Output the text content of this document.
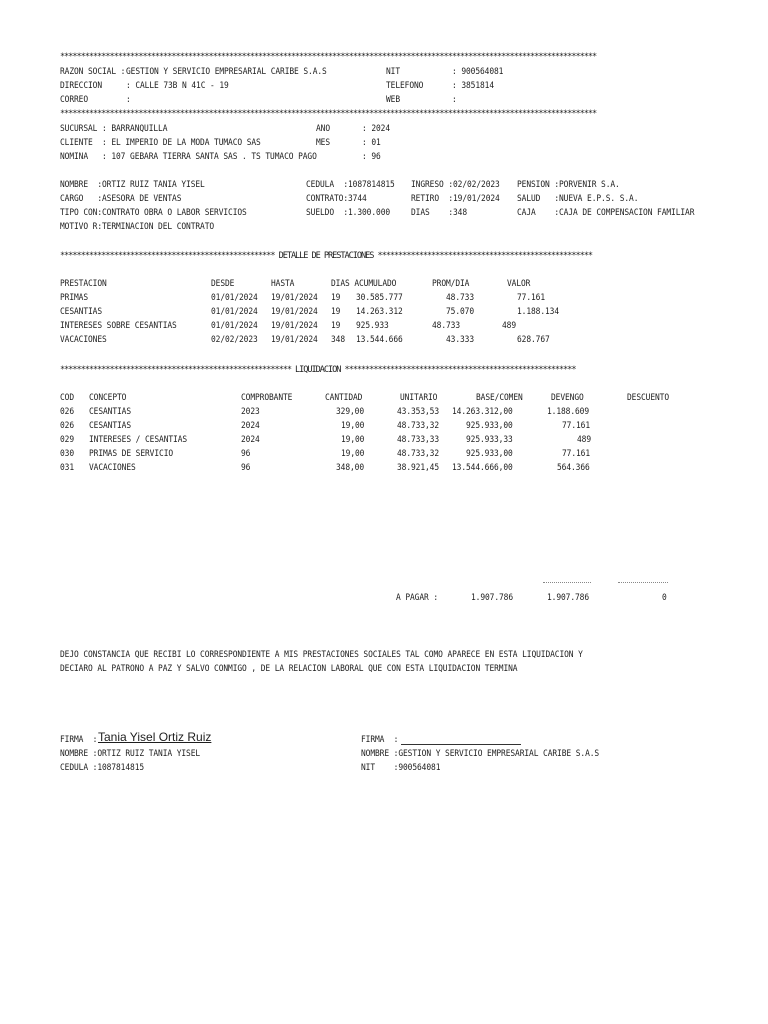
**********************************************************************************************************************************
RAZON SOCIAL : GESTION Y SERVICIO EMPRESARIAL CARIBE S.A.S	NIT	: 900564081
DIRECCION	: CALLE 73B N 41C - 19	TELEFONO	: 3851814
CORREO	:	WEB	:
**********************************************************************************************************************************
SUCURSAL : BARRANQUILLA	ANO	: 2024
CLIENTE  : EL IMPERIO DE LA MODA TUMACO SAS	MES	: 01
NOMINA   : 107 GEBARA TIERRA SANTA SAS . TS TUMACO PAGO	: 96
NOMBRE  :ORTIZ RUIZ TANIA YISEL	CEDULA  :1087814815 INGRESO :02/02/2023 PENSION :PORVENIR S.A.
CARGO   :ASESORA DE VENTAS	CONTRATO:3744	RETIRO  :19/01/2024 SALUD   :NUEVA E.P.S. S.A.
TIPO CON:CONTRATO OBRA O LABOR SERVICIOS	SUELDO  :1.300.000 DIAS    :348	CAJA    :CAJA DE COMPENSACION FAMILIAR
MOTIVO R:TERMINACION DEL CONTRATO
**************************************************** DETALLE DE PRESTACIONES ****************************************************
PRESTACION	DESDE	HASTA	DIAS ACUMULADO	PROM/DIA	VALOR
PRIMAS	01/01/2024 19/01/2024 19 30.585.777	48.733	77.161
CESANTIAS	01/01/2024 19/01/2024 19 14.263.312	75.070	1.188.134
INTERESES SOBRE CESANTIAS	01/01/2024 19/01/2024 19 925.933	48.733	489
VACACIONES	02/02/2023 19/01/2024 348 13.544.666	43.333	628.767
******************************************************** LIQUIDACION ********************************************************
COD CONCEPTO	COMPROBANTE	CANTIDAD	UNITARIO	BASE/COMEN	DEVENGO	DESCUENTO
026 CESANTIAS	2023	329,00	43.353,53 14.263.312,00	1.188.609
026 CESANTIAS	2024	19,00	48.733,32	925.933,00	77.161
029 INTERESES / CESANTIAS	2024	19,00	48.733,33	925.933,33	489
030 PRIMAS DE SERVICIO	96	19,00	48.733,32	925.933,00	77.161
031 VACACIONES	96	348,00	38.921,45 13.544.666,00	564.366
A PAGAR :	1.907.786	1.907.786	0
DEJO CONSTANCIA QUE RECIBI LO CORRESPONDIENTE A MIS PRESTACIONES SOCIALES TAL COMO APARECE EN ESTA LIQUIDACION Y
DECIARO AL PATRONO A PAZ Y SALVO CONMIGO , DE LA RELACION LABORAL QUE CON ESTA LIQUIDACION TERMINA
FIRMA  : Tania Yisel Ortiz Ruiz
NOMBRE :ORTIZ RUIZ TANIA YISEL
CEDULA :1087814815
FIRMA  :
NOMBRE :GESTION Y SERVICIO EMPRESARIAL CARIBE S.A.S
NIT    :900564081
